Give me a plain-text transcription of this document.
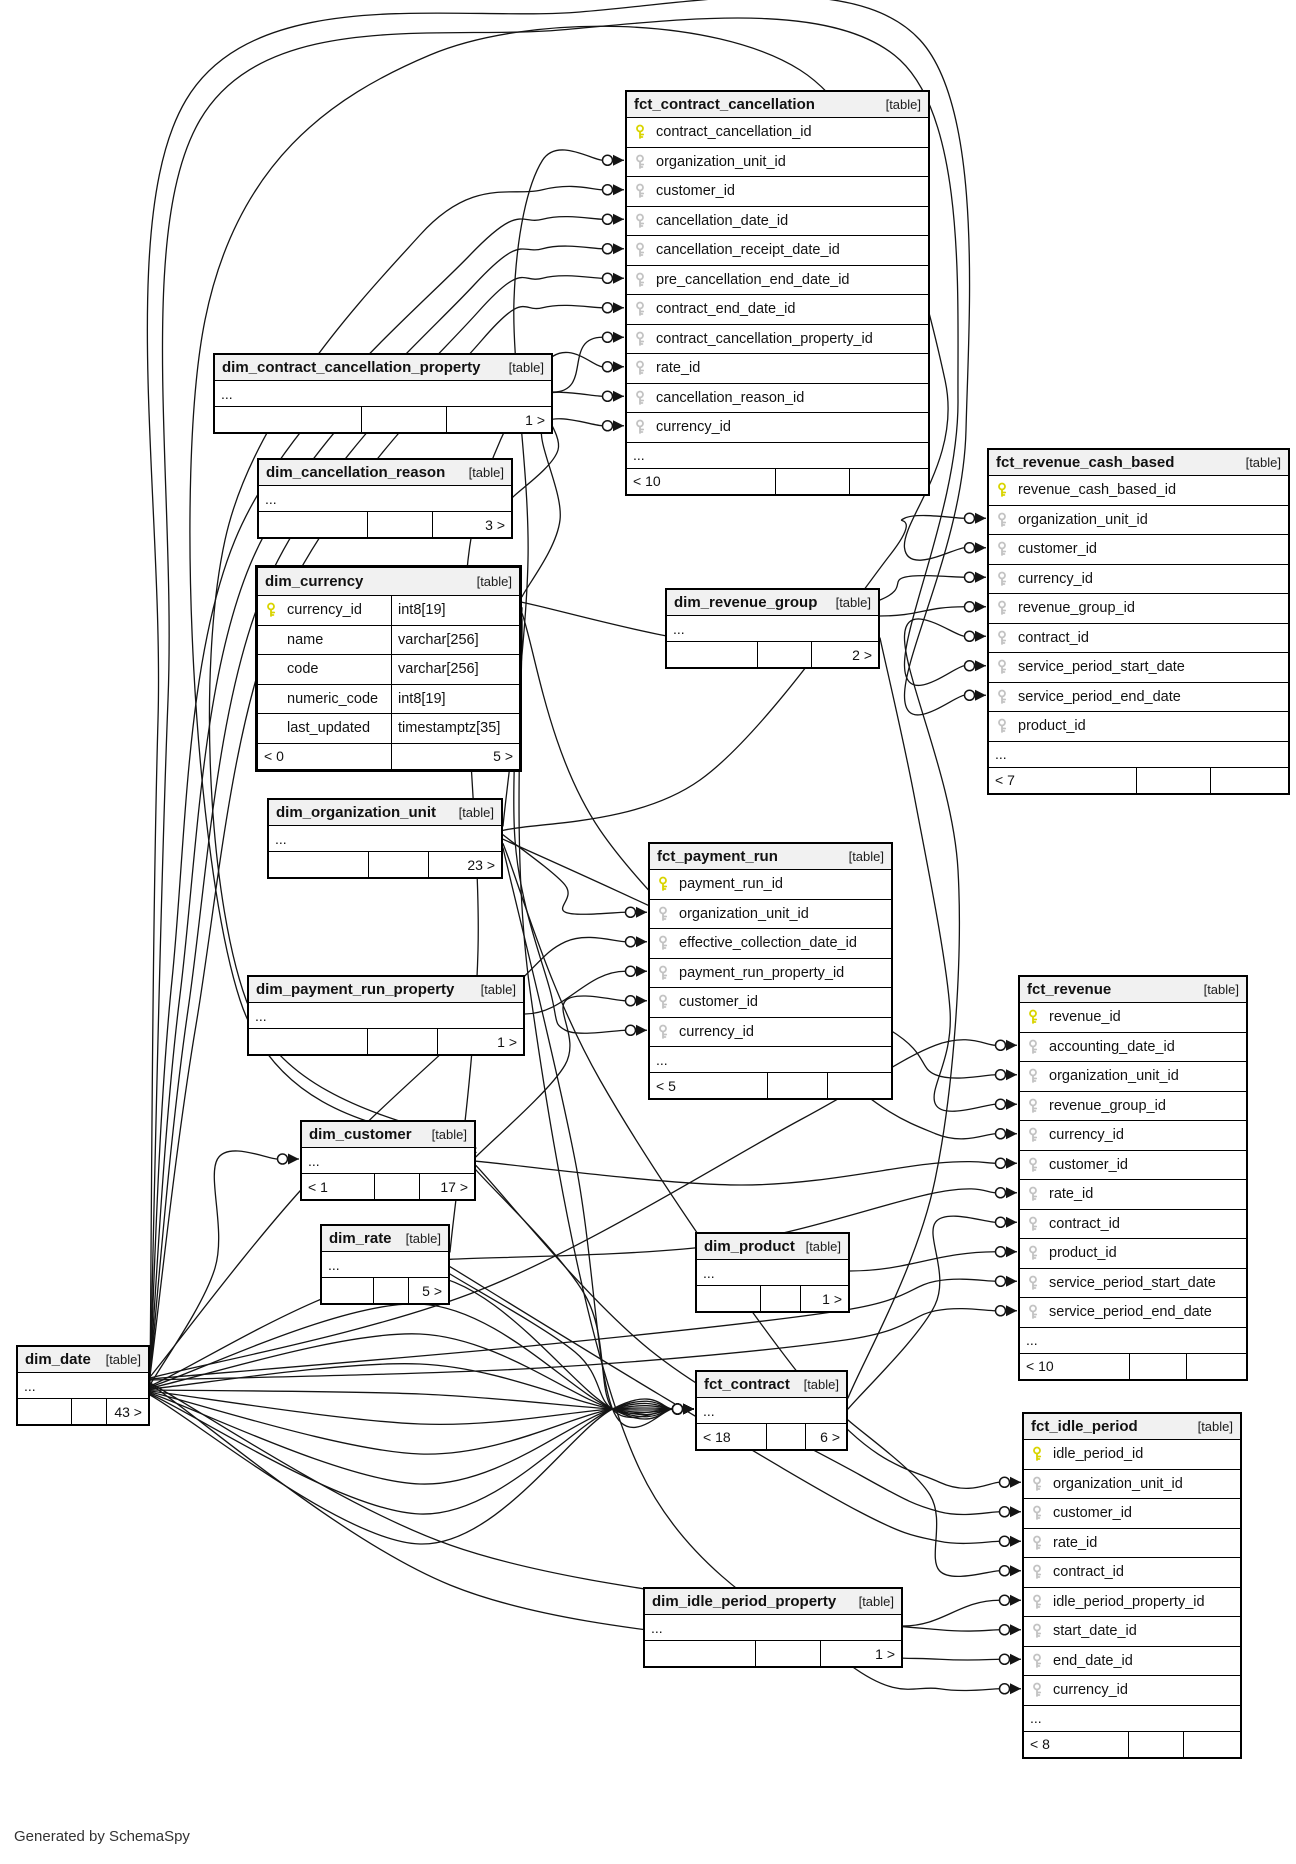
fct_contract_cancellation	[table]
contract_cancellation_id
organization_unit_id
customer_id
cancellation_date_id
cancellation_receipt_date_id
pre_cancellation_end_date_id
contract_end_date_id
contract_cancellation_property_id
rate_id
cancellation_reason_id
currency_id
...
< 10
dim_contract_cancellation_property [table]
...
1 >
dim_cancellation_reason [table]
...
3 >
dim_currency	[table]
currency_id	int8[19]
name	varchar[256]
code	varchar[256]
numeric_code	int8[19]
last_updated	timestamptz[35]
< 0	5 >
fct_revenue_cash_based	[table]
revenue_cash_based_id
organization_unit_id
customer_id
currency_id
revenue_group_id
contract_id
service_period_start_date
service_period_end_date
product_id
...
< 7
dim_revenue_group [table]
...
2 >
dim_organization_unit [table]
...
23 >	fct_payment_run	[table]
payment_run_id
organization_unit_id
effective_collection_date_id
payment_run_property_id
customer_id
currency_id
...
< 5
dim_payment_run_property [table]
...
1 >
fct_revenue	[table]
revenue_id
accounting_date_id
organization_unit_id
revenue_group_id
currency_id
customer_id
rate_id
contract_id
product_id
service_period_start_date
service_period_end_date
...
< 10
dim_customer [table]
...
< 1	17 >
dim_rate [table]
...
5 >
dim_product [table]
...
1 >
dim_date [table]
...
43 >
fct_contract [table]
...
< 18	6 >
fct_idle_period	[table]
idle_period_id
organization_unit_id
customer_id
rate_id
contract_id
idle_period_property_id
start_date_id
end_date_id
currency_id
...
< 8
dim_idle_period_property [table]
...
1 >
Generated by SchemaSpy
